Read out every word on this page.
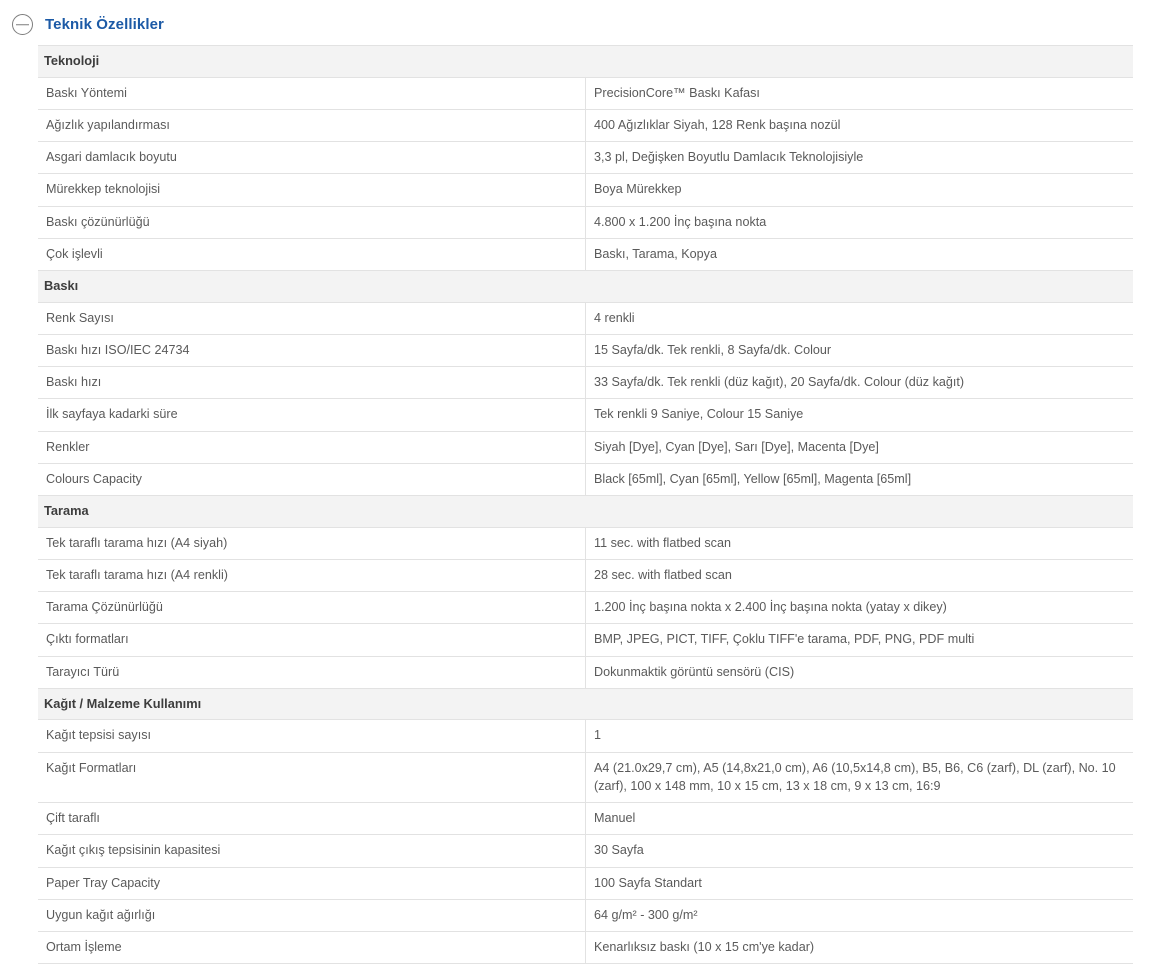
Teknik Özellikler
Teknoloji	
Baskı Yöntemi	PrecisionCore™ Baskı Kafası
Ağızlık yapılandırması	400 Ağızlıklar Siyah, 128 Renk başına nozül
Asgari damlacık boyutu	3,3 pl, Değişken Boyutlu Damlacık Teknolojisiyle
Mürekkep teknolojisi	Boya Mürekkep
Baskı çözünürlüğü	4.800 x 1.200 İnç başına nokta
Çok işlevli	Baskı, Tarama, Kopya
Baskı	
Renk Sayısı	4 renkli
Baskı hızı ISO/IEC 24734	15 Sayfa/dk. Tek renkli, 8 Sayfa/dk. Colour
Baskı hızı	33 Sayfa/dk. Tek renkli (düz kağıt), 20 Sayfa/dk. Colour (düz kağıt)
İlk sayfaya kadarki süre	Tek renkli 9 Saniye, Colour 15 Saniye
Renkler	Siyah [Dye], Cyan [Dye], Sarı [Dye], Macenta [Dye]
Colours Capacity	Black [65ml], Cyan [65ml], Yellow [65ml], Magenta [65ml]
Tarama	
Tek taraflı tarama hızı (A4 siyah)	11 sec. with flatbed scan
Tek taraflı tarama hızı (A4 renkli)	28 sec. with flatbed scan
Tarama Çözünürlüğü	1.200 İnç başına nokta x 2.400 İnç başına nokta (yatay x dikey)
Çıktı formatları	BMP, JPEG, PICT, TIFF, Çoklu TIFF'e tarama, PDF, PNG, PDF multi
Tarayıcı Türü	Dokunmaktik görüntü sensörü (CIS)
Kağıt / Malzeme Kullanımı	
Kağıt tepsisi sayısı	1
Kağıt Formatları	A4 (21.0x29,7 cm), A5 (14,8x21,0 cm), A6 (10,5x14,8 cm), B5, B6, C6 (zarf), DL (zarf), No. 10 (zarf), 100 x 148 mm, 10 x 15 cm, 13 x 18 cm, 9 x 13 cm, 16:9
Çift taraflı	Manuel
Kağıt çıkış tepsisinin kapasitesi	30 Sayfa
Paper Tray Capacity	100 Sayfa Standart
Uygun kağıt ağırlığı	64 g/m² - 300 g/m²
Ortam İşleme	Kenarlıksız baskı (10 x 15 cm'ye kadar)
